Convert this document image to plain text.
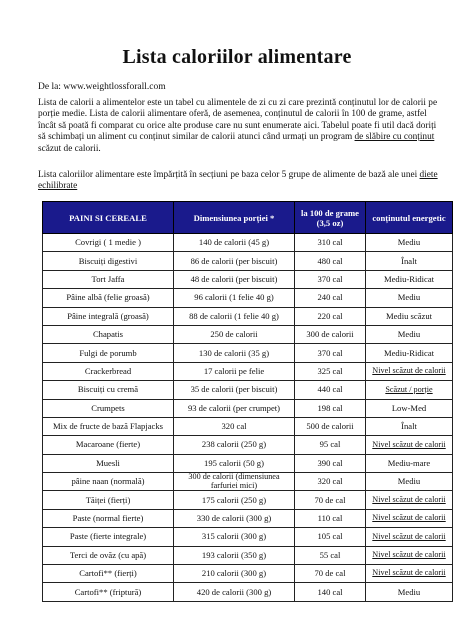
Lista caloriilor alimentare
De la: www.weightlossforall.com
Lista de calorii a alimentelor este un tabel cu alimentele de zi cu zi care prezintă conținutul lor de calorii pe porție medie. Lista de calorii alimentare oferă, de asemenea, conținutul de calorii în 100 de grame, astfel încât să poată fi comparat cu orice alte produse care nu sunt enumerate aici. Tabelul poate fi util dacă doriți să schimbați un aliment cu conținut similar de calorii atunci când urmați un program de slăbire cu conținut scăzut de calorii.
Lista caloriilor alimentare este împărțită în secțiuni pe baza celor 5 grupe de alimente de bază ale unei diete echilibrate
PAINI SI CEREALE	Dimensiunea porției *	la 100 de grame (3,5 oz)	conținutul energetic
Covrigi ( 1 medie )	140 de calorii (45 g)	310 cal	Mediu
Biscuiți digestivi	86 de calorii (per biscuit)	480 cal	Înalt
Tort Jaffa	48 de calorii (per biscuit)	370 cal	Mediu-Ridicat
Pâine albă (felie groasă)	96 calorii (1 felie 40 g)	240 cal	Mediu
Pâine integrală (groasă)	88 de calorii (1 felie 40 g)	220 cal	Mediu scăzut
Chapatis	250 de calorii	300 de calorii	Mediu
Fulgi de porumb	130 de calorii (35 g)	370 cal	Mediu-Ridicat
Crackerbread	17 calorii pe felie	325 cal	Nivel scăzut de calorii
Biscuiți cu cremă	35 de calorii (per biscuit)	440 cal	Scăzut / porție
Crumpets	93 de calorii (per crumpet)	198 cal	Low-Med
Mix de fructe de bază Flapjacks	320 cal	500 de calorii	Înalt
Macaroane (fierte)	238 calorii (250 g)	95 cal	Nivel scăzut de calorii
Muesli	195 calorii (50 g)	390 cal	Mediu-mare
pâine naan (normală)	300 de calorii (dimensiunea farfuriei mici)	320 cal	Mediu
Tăiței (fierți)	175 calorii (250 g)	70 de cal	Nivel scăzut de calorii
Paste (normal fierte)	330 de calorii (300 g)	110 cal	Nivel scăzut de calorii
Paste (fierte integrale)	315 calorii (300 g)	105 cal	Nivel scăzut de calorii
Terci de ovăz (cu apă)	193 calorii (350 g)	55 cal	Nivel scăzut de calorii
Cartofi** (fierți)	210 calorii (300 g)	70 de cal	Nivel scăzut de calorii
Cartofi** (friptură)	420 de calorii (300 g)	140 cal	Mediu
